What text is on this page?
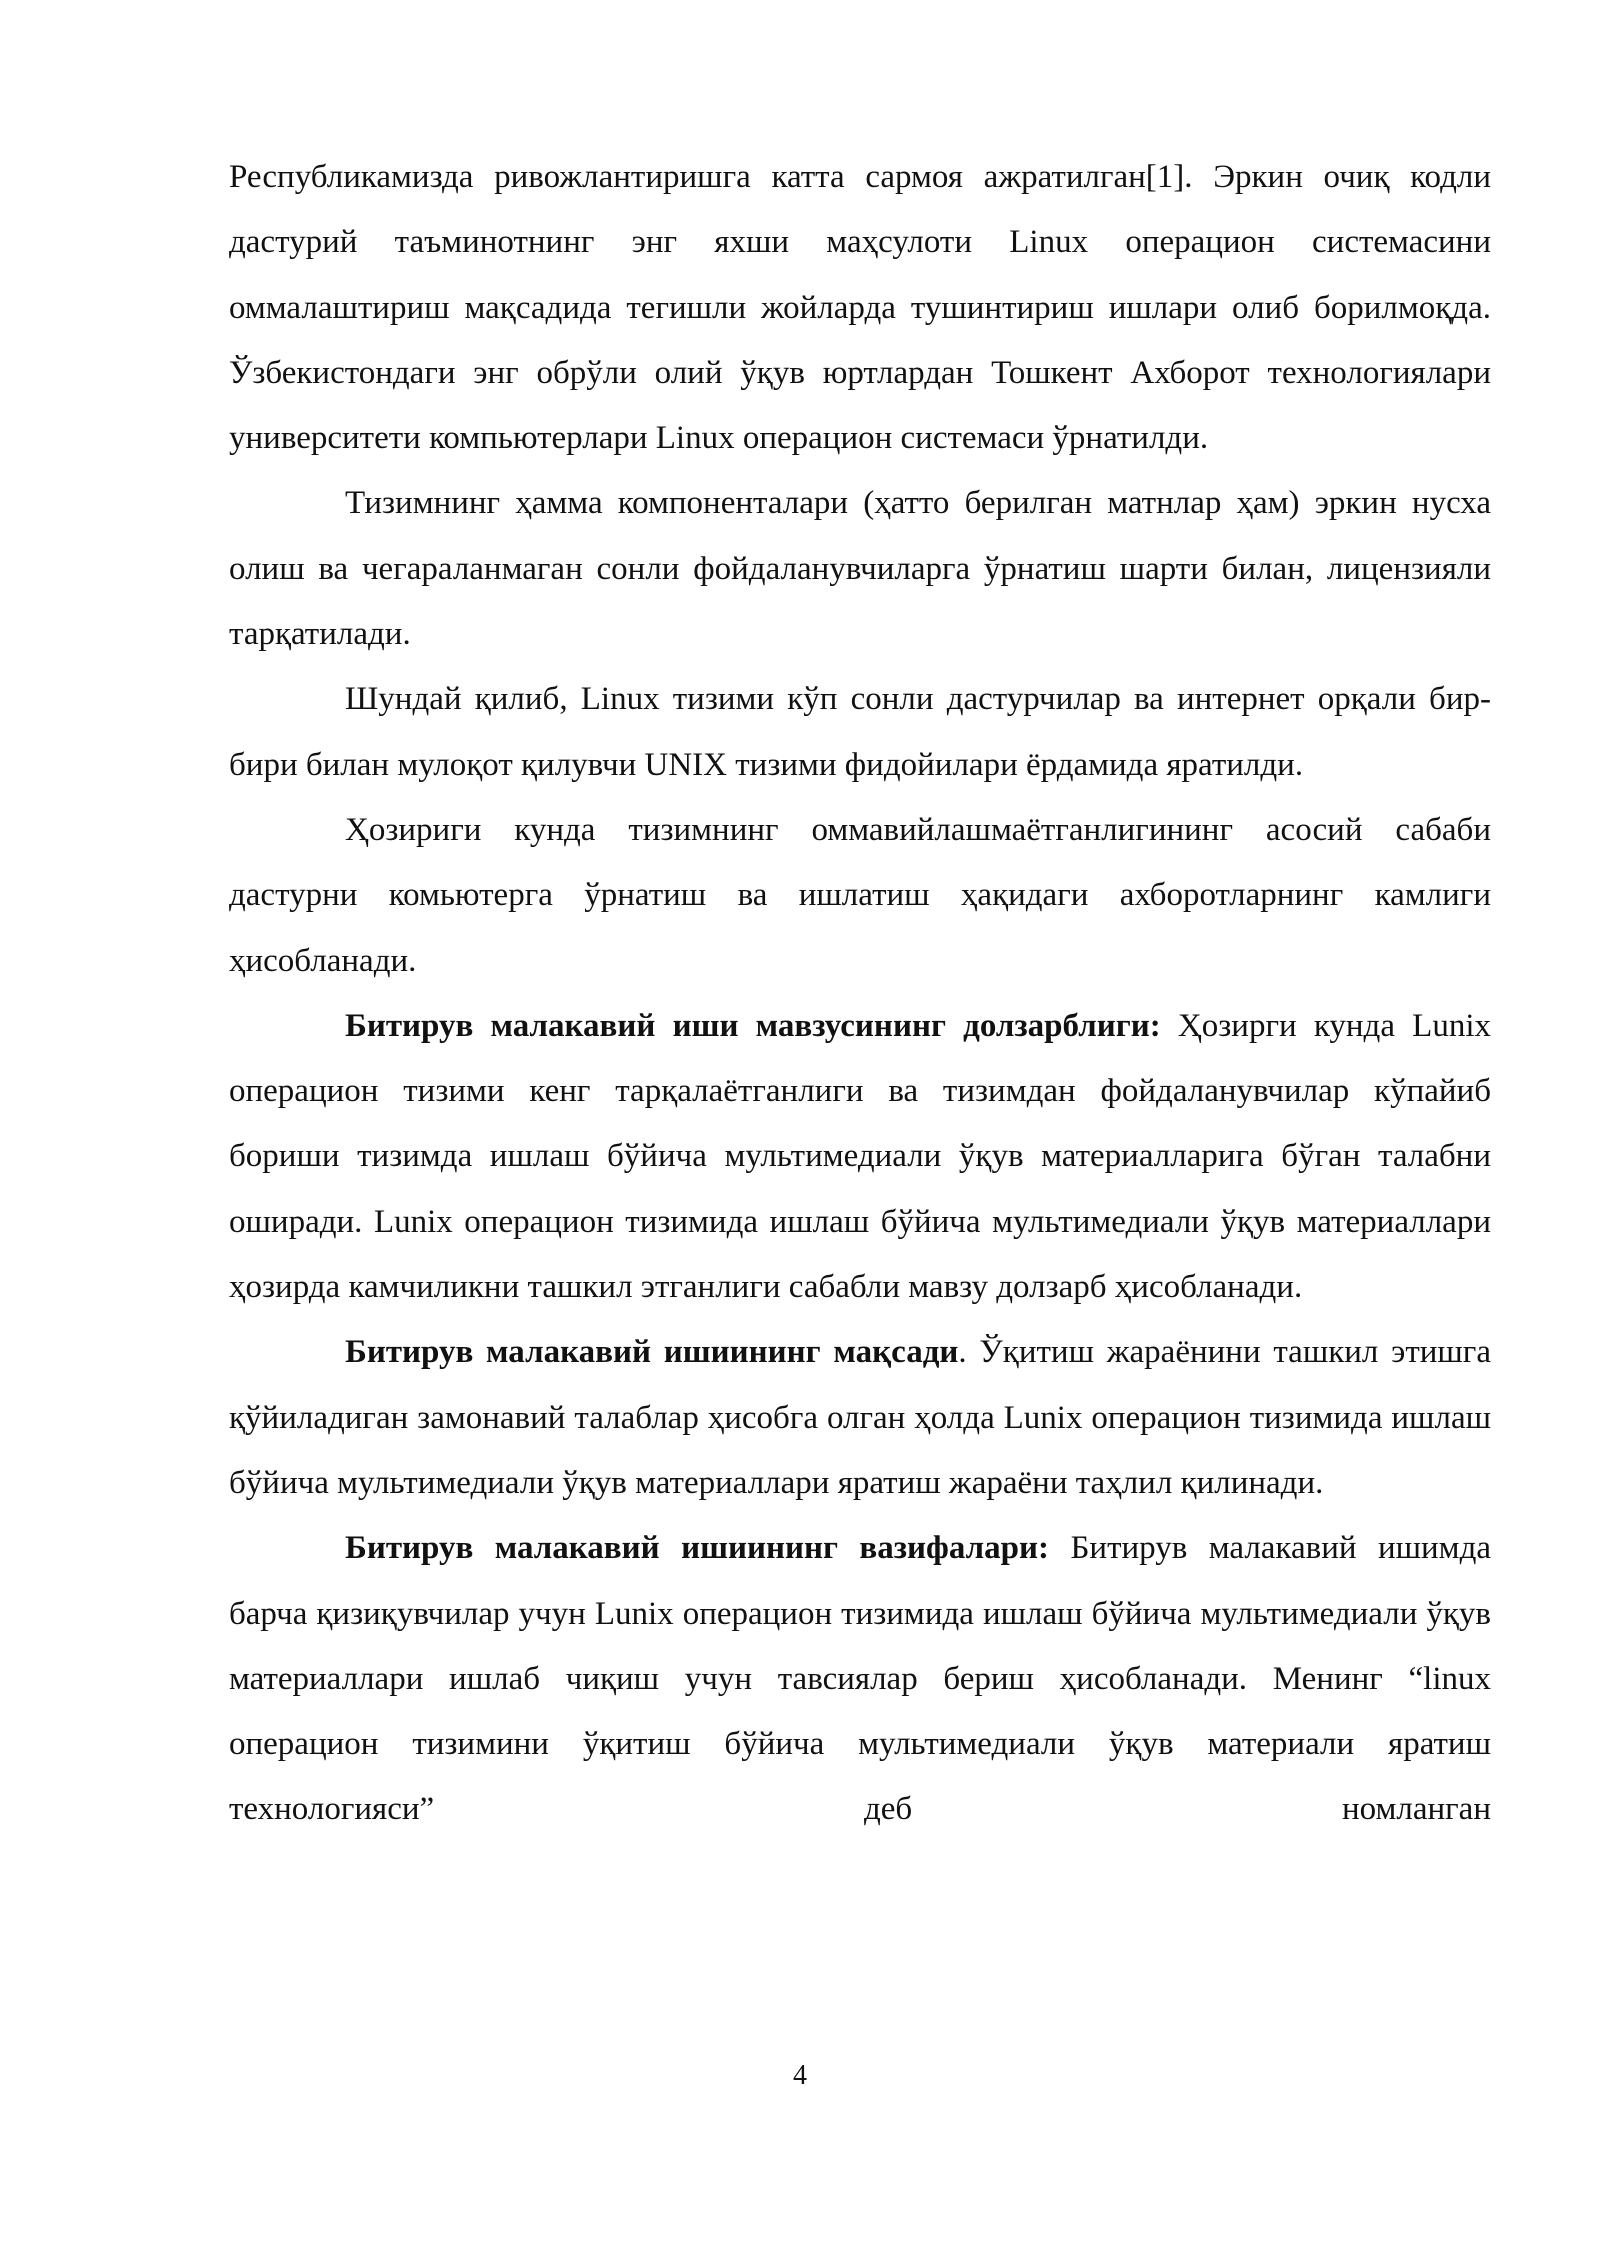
Республикамизда ривожлантиришга катта сармоя ажратилган[1]. Эркин очиқ кодли дастурий таъминотнинг энг яхши маҳсулоти Linux операцион системасини оммалаштириш мақсадида тегишли жойларда тушинтириш ишлари олиб борилмоқда. Ўзбекистондаги энг обрўли олий ўқув юртлардан Тошкент Ахборот технологиялари университети компьютерлари Linux операцион системаси ўрнатилди.

Тизимнинг ҳамма компоненталари (ҳатто берилган матнлар ҳам) эркин нусха олиш ва чегараланмаган сонли фойдаланувчиларга ўрнатиш шарти билан, лицензияли тарқатилади.

Шундай қилиб, Linux тизими кўп сонли дастурчилар ва интернет орқали бир-бири билан мулоқот қилувчи UNIX тизими фидойилари ёрдамида яратилди.

Ҳозириги кунда тизимнинг оммавийлашмаётганлигининг асосий сабаби дастурни комьютерга ўрнатиш ва ишлатиш ҳақидаги ахборотларнинг камлиги ҳисобланади.

Битирув малакавий иши мавзусининг долзарблиги: Ҳозирги кунда Lunix операцион тизими кенг тарқалаётганлиги ва тизимдан фойдаланувчилар кўпайиб бориши тизимда ишлаш бўйича мультимедиали ўқув материалларига бўган талабни оширади. Lunix операцион тизимида ишлаш бўйича мультимедиали ўқув материаллари ҳозирда камчиликни ташкил этганлиги сабабли мавзу долзарб ҳисобланади.

Битирув малакавий ишиининг мақсади. Ўқитиш жараёнини ташкил этишга қўйиладиган замонавий талаблар ҳисобга олган ҳолда Lunix операцион тизимида ишлаш бўйича мультимедиали ўқув материаллари яратиш жараёни таҳлил қилинади.

Битирув малакавий ишиининг вазифалари: Битирув малакавий ишимда барча қизиқувчилар учун Lunix операцион тизимида ишлаш бўйича мультимедиали ўқув материаллари ишлаб чиқиш учун тавсиялар бериш ҳисобланади. Менинг “linux операцион тизимини ўқитиш бўйича мультимедиали ўқув материали яратиш технологияси” деб номланган

4
